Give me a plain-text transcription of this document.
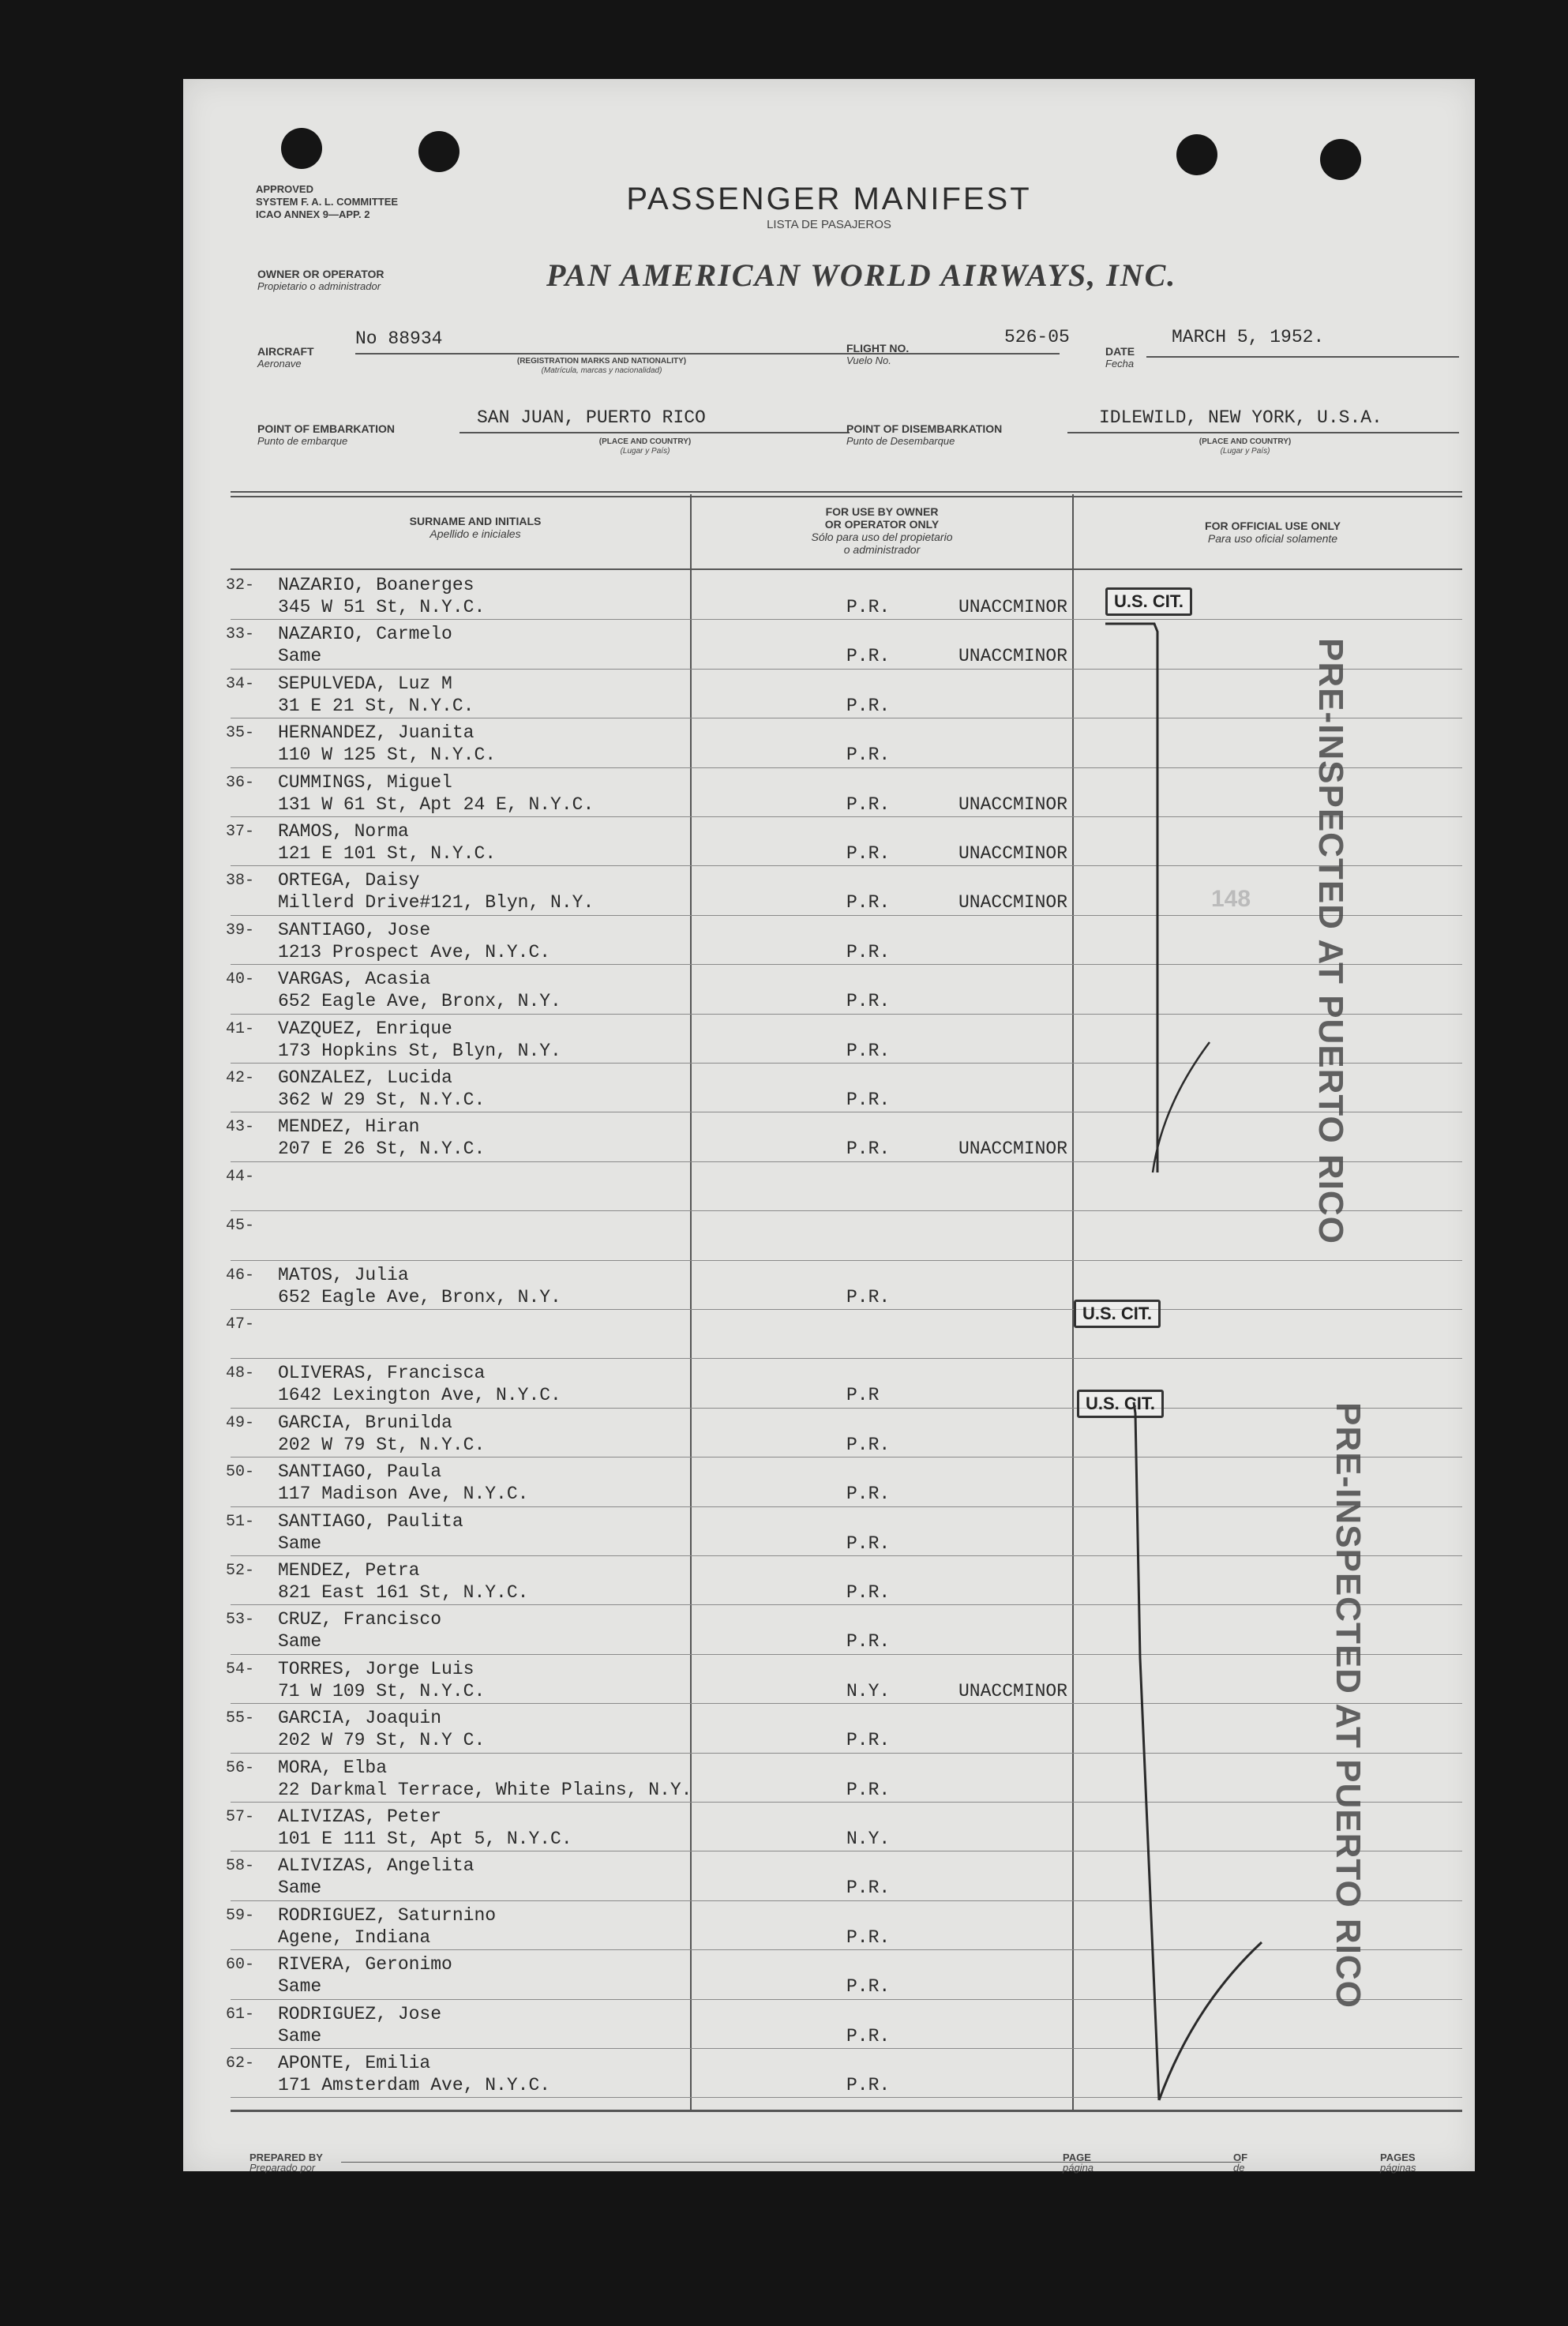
APPROVED
SYSTEM F. A. L. COMMITTEE
ICAO ANNEX 9—APP. 2	PASSENGER MANIFEST
LISTA DE PASAJEROS
OWNER OR OPERATOR
Propietario o administrador	PAN AMERICAN WORLD AIRWAYS, INC.
AIRCRAFT
Aeronave
No 88934
(REGISTRATION MARKS AND NATIONALITY)
(Matrícula, marcas y nacionalidad)
FLIGHT NO.
Vuelo No.
526-05
DATE
Fecha
MARCH 5, 1952.
POINT OF EMBARKATION
Punto de embarque
SAN JUAN, PUERTO RICO
(PLACE AND COUNTRY)
(Lugar y País)
POINT OF DISEMBARKATION
Punto de Desembarque
IDLEWILD, NEW YORK, U.S.A.
(PLACE AND COUNTRY)
(Lugar y País)
SURNAME AND INITIALS
Apellido e iniciales
FOR USE BY OWNER
OR OPERATOR ONLY
Sólo para uso del propietario
o administrador
FOR OFFICIAL USE ONLY
Para uso oficial solamente
32- NAZARIO, Boanerges
345 W 51 St, N.Y.C.	P.R.	UNACCMINOR
33- NAZARIO, Carmelo
Same	P.R.	UNACCMINOR
34- SEPULVEDA, Luz M
31 E 21 St, N.Y.C.	P.R.
35- HERNANDEZ, Juanita
110 W 125 St, N.Y.C.	P.R.
36- CUMMINGS, Miguel
131 W 61 St, Apt 24 E, N.Y.C.	P.R.	UNACCMINOR
37- RAMOS, Norma
121 E 101 St, N.Y.C.	P.R.	UNACCMINOR
38- ORTEGA, Daisy
Millerd Drive#121, Blyn, N.Y.	P.R.	UNACCMINOR
39- SANTIAGO, Jose
1213 Prospect Ave, N.Y.C.	P.R.
40- VARGAS, Acasia
652 Eagle Ave, Bronx, N.Y.	P.R.
41- VAZQUEZ, Enrique
173 Hopkins St, Blyn, N.Y.	P.R.
42- GONZALEZ, Lucida
362 W 29 St, N.Y.C.	P.R.
43- MENDEZ, Hiran
207 E 26 St, N.Y.C.	P.R.	UNACCMINOR
44-
45-
46- MATOS, Julia
652 Eagle Ave, Bronx, N.Y.	P.R.
47-
48- OLIVERAS, Francisca
1642 Lexington Ave, N.Y.C.	P.R
49- GARCIA, Brunilda
202 W 79 St, N.Y.C.	P.R.
50- SANTIAGO, Paula
117 Madison Ave, N.Y.C.	P.R.
51- SANTIAGO, Paulita
Same	P.R.
52- MENDEZ, Petra
821 East 161 St, N.Y.C.	P.R.
53- CRUZ, Francisco
Same	P.R.
54- TORRES, Jorge Luis
71 W 109 St, N.Y.C.	N.Y.	UNACCMINOR
55- GARCIA, Joaquin
202 W 79 St, N.Y C.	P.R.
56- MORA, Elba
22 Darkmal Terrace, White Plains, N.Y.	P.R.
57- ALIVIZAS, Peter
101 E 111 St, Apt 5, N.Y.C.	N.Y.
58- ALIVIZAS, Angelita
Same	P.R.
59- RODRIGUEZ, Saturnino
Agene, Indiana	P.R.
60- RIVERA, Geronimo
Same	P.R.
61- RODRIGUEZ, Jose
Same	P.R.
62- APONTE, Emilia
171 Amsterdam Ave, N.Y.C.	P.R.
U.S. CIT.
U.S. CIT.
U.S. CIT.
PRE-INSPECTED AT PUERTO RICO
PRE-INSPECTED AT PUERTO RICO
148
PREPARED BY
Preparado por
PAGE
página
OF
de
PAGES
páginas
